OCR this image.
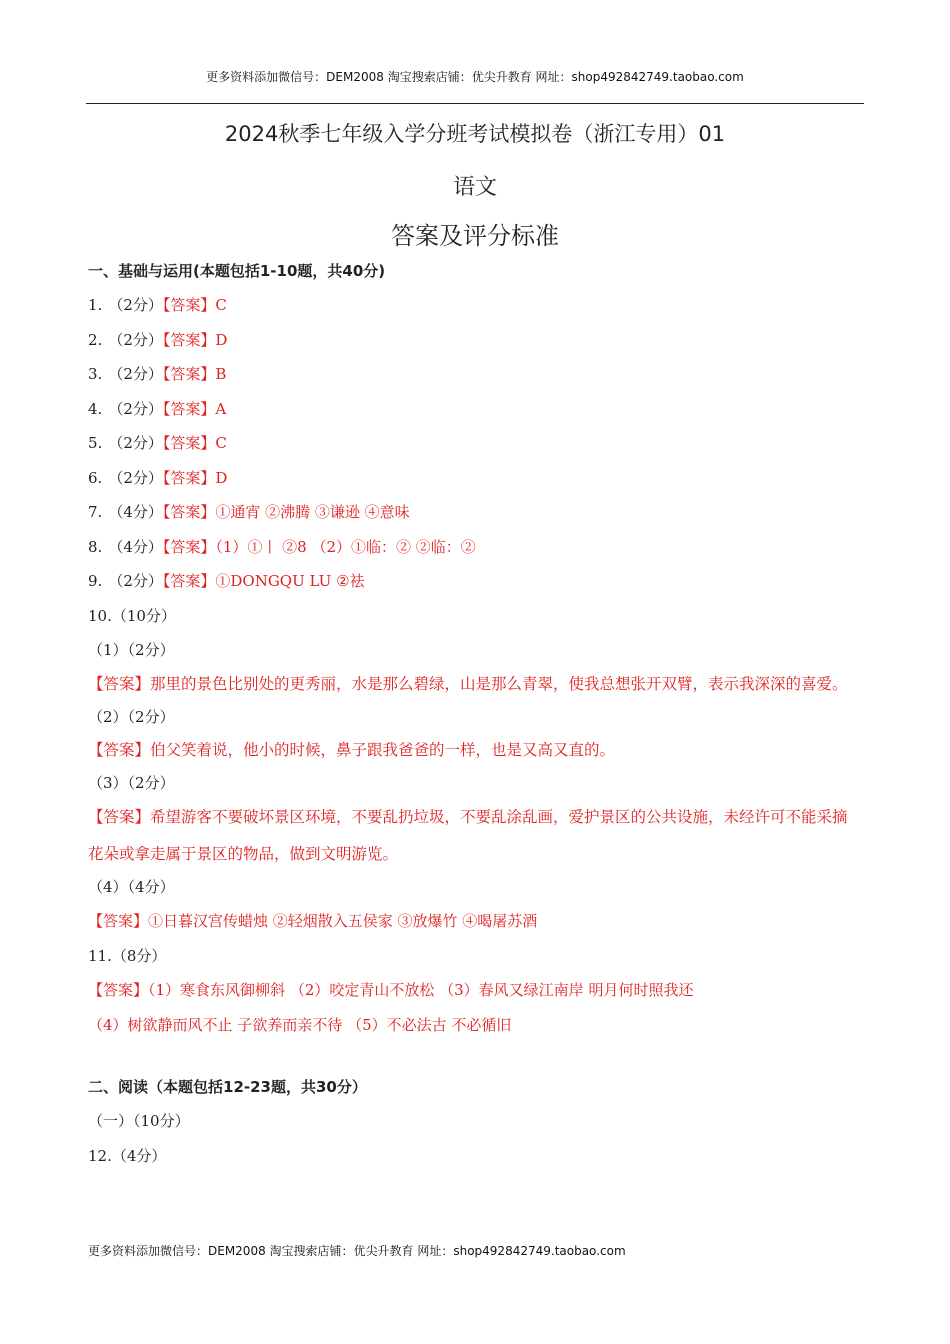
更多资料添加微信号：DEM2008 淘宝搜索店铺：优尖升教育 网址：shop492842749.taobao.com
2024秋季七年级入学分班考试模拟卷（浙江专用）01
语文
答案及评分标准
一、基础与运用(本题包括1-10题，共40分)
1. （2分）【答案】C
2. （2分）【答案】D
3. （2分）【答案】B
4. （2分）【答案】A
5. （2分）【答案】C
6. （2分）【答案】D
7. （4分）【答案】①通宵 ②沸腾 ③谦逊 ④意味
8. （4分）【答案】（1）①丨 ②8 （2）①临：② ②临：②
9. （2分）【答案】①DONGQU LU ②祛
10.（10分）
（1）（2分）
【答案】那里的景色比别处的更秀丽，水是那么碧绿，山是那么青翠，使我总想张开双臂，表示我深深的喜爱。
（2）（2分）
【答案】伯父笑着说，他小的时候，鼻子跟我爸爸的一样，也是又高又直的。
（3）（2分）
【答案】希望游客不要破坏景区环境，不要乱扔垃圾，不要乱涂乱画，爱护景区的公共设施，未经许可不能采摘花朵或拿走属于景区的物品，做到文明游览。
（4）（4分）
【答案】①日暮汉宫传蜡烛 ②轻烟散入五侯家 ③放爆竹 ④喝屠苏酒
11.（8分）
【答案】（1）寒食东风御柳斜 （2）咬定青山不放松 （3）春风又绿江南岸 明月何时照我还
（4）树欲静而风不止 子欲养而亲不待 （5）不必法古 不必循旧
二、阅读（本题包括12-23题，共30分）
（一）（10分）
12.（4分）
更多资料添加微信号：DEM2008 淘宝搜索店铺：优尖升教育 网址：shop492842749.taobao.com
